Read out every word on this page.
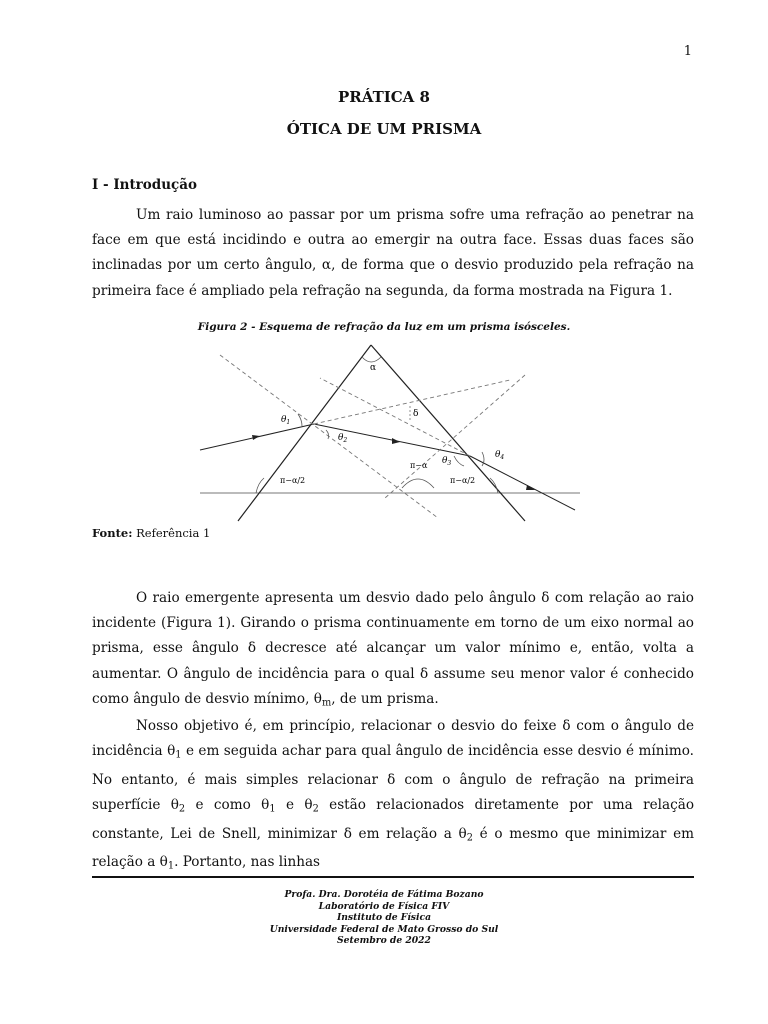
1
PRÁTICA 8
ÓTICA DE UM PRISMA
I - Introdução
Um raio luminoso ao passar por um prisma sofre uma refração ao penetrar na face em que está incidindo e outra ao emergir na outra face. Essas duas faces são inclinadas por um certo ângulo, α, de forma que o desvio produzido pela refração na primeira face é ampliado pela refração na segunda, da forma mostrada na Figura 1.
Figura 2 - Esquema de refração da luz em um prisma isósceles.
α
δ
$\theta_1$
$\theta_2$
$\theta_3$
$\theta_4$
π−α
π−α/2	π−α/2
Fonte: Referência 1
O raio emergente apresenta um desvio dado pelo ângulo δ com relação ao raio incidente (Figura 1). Girando o prisma continuamente em torno de um eixo normal ao prisma, esse ângulo δ decresce até alcançar um valor mínimo e, então, volta a aumentar. O ângulo de incidência para o qual δ assume seu menor valor é conhecido como ângulo de desvio mínimo, $\theta_m$, de um prisma.
Nosso objetivo é, em princípio, relacionar o desvio do feixe δ com o ângulo de incidência $\theta_1$ e em seguida achar para qual ângulo de incidência esse desvio é mínimo. No entanto, é mais simples relacionar δ com o ângulo de refração na primeira superfície $\theta_2$ e como $\theta_1$ e $\theta_2$ estão relacionados diretamente por uma relação constante, Lei de Snell, minimizar δ em relação a $\theta_2$ é o mesmo que minimizar em relação a $\theta_1$. Portanto, nas linhas
Profa. Dra. Dorotéia de Fátima Bozano
Laboratório de Física FIV
Instituto de Física
Universidade Federal de Mato Grosso do Sul
Setembro de 2022
